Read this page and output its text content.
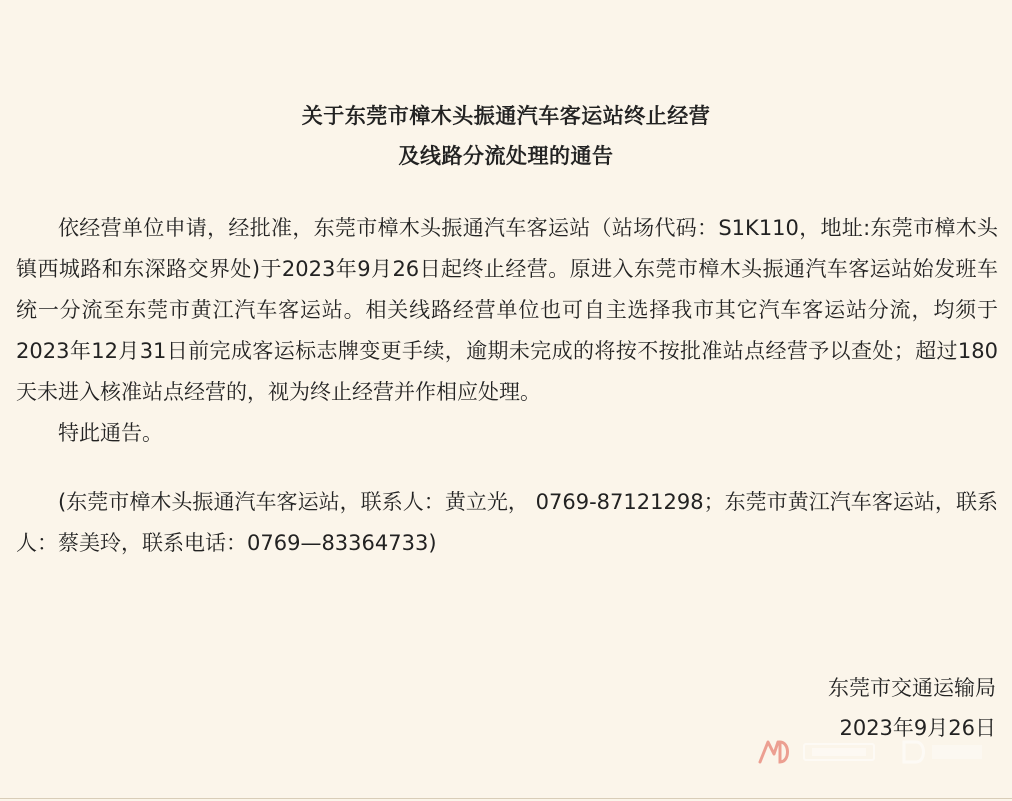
关于东莞市樟木头振通汽车客运站终止经营
及线路分流处理的通告

依经营单位申请，经批准，东莞市樟木头振通汽车客运站（站场代码：S1K110，地址:东莞市樟木头镇西城路和东深路交界处)于2023年9月26日起终止经营。原进入东莞市樟木头振通汽车客运站始发班车统一分流至东莞市黄江汽车客运站。相关线路经营单位也可自主选择我市其它汽车客运站分流，均须于2023年12月31日前完成客运标志牌变更手续，逾期未完成的将按不按批准站点经营予以查处；超过180天未进入核准站点经营的，视为终止经营并作相应处理。

特此通告。

(东莞市樟木头振通汽车客运站，联系人：黄立光， 0769-87121298；东莞市黄江汽车客运站，联系人：蔡美玲，联系电话：0769—83364733)

东莞市交通运输局
2023年9月26日
